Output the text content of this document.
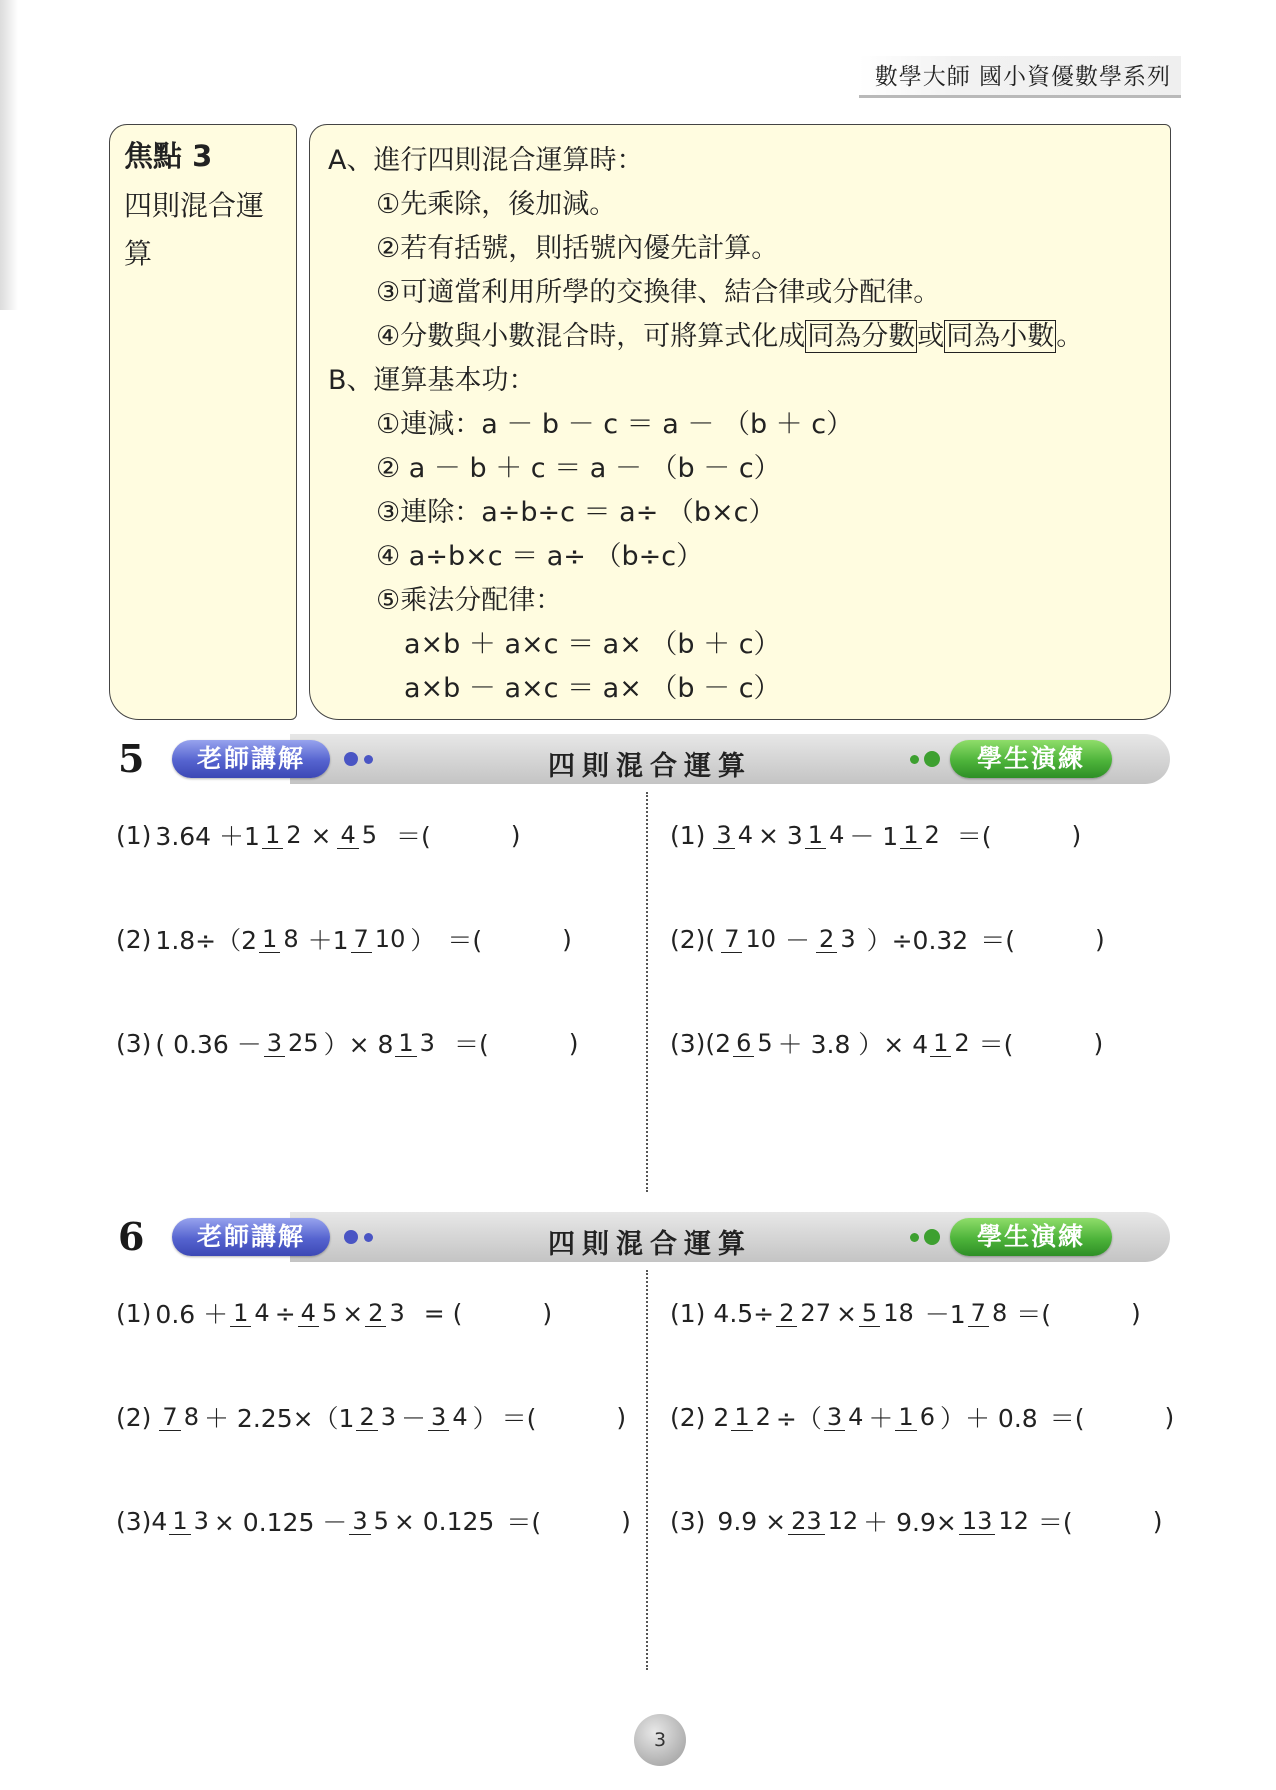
數學大師 國小資優數學系列
焦點 3
四則混合運算
A、進行四則混合運算時：
①先乘除，後加減。
②若有括號，則括號內優先計算。
③可適當利用所學的交換律、結合律或分配律。
④分數與小數混合時，可將算式化成同為分數或同為小數。
B、運算基本功：
①連減：a － b － c ＝ a － （b ＋ c）
② a － b ＋ c ＝ a － （b － c）
③連除：a÷b÷c ＝ a÷ （b×c）
④ a÷b×c ＝ a÷ （b÷c）
⑤乘法分配律：
a×b ＋ a×c ＝ a× （b ＋ c）
a×b － a×c ＝ a× （b － c）
5	老師講解	四則混合運算	學生演練
(1) 3.64 ＋1 1 2 × 4 5 ＝(	)
(2) 1.8÷（2 1 8 ＋1 7 10 ） ＝(	)
(3) ( 0.36 － 3 25 ）× 8 1 3 ＝(	)
(1) 3 4 × 3 1 4 － 1 1 2 ＝(	)
(2) ( 7 10 － 2 3 ）÷0.32 ＝(	)
(3) (2 6 5 ＋ 3.8 ）× 4 1 2 ＝(	)
6	老師講解	四則混合運算	學生演練
(1) 0.6 ＋ 1 4 ÷ 4 5 × 2 3 = (	)
(2) 7 8 ＋ 2.25×（1 2 3 － 3 4 ） ＝(	)
(3) 4 1 3 × 0.125 － 3 5 × 0.125 ＝(	)
(1) 4.5÷ 2 27 × 5 18 －1 7 8 ＝(	)
(2) 2 1 2 ÷（ 3 4 ＋ 1 6 ）＋ 0.8 ＝(	)
(3) 9.9 × 23 12 ＋ 9.9× 13 12 ＝(	)
3
